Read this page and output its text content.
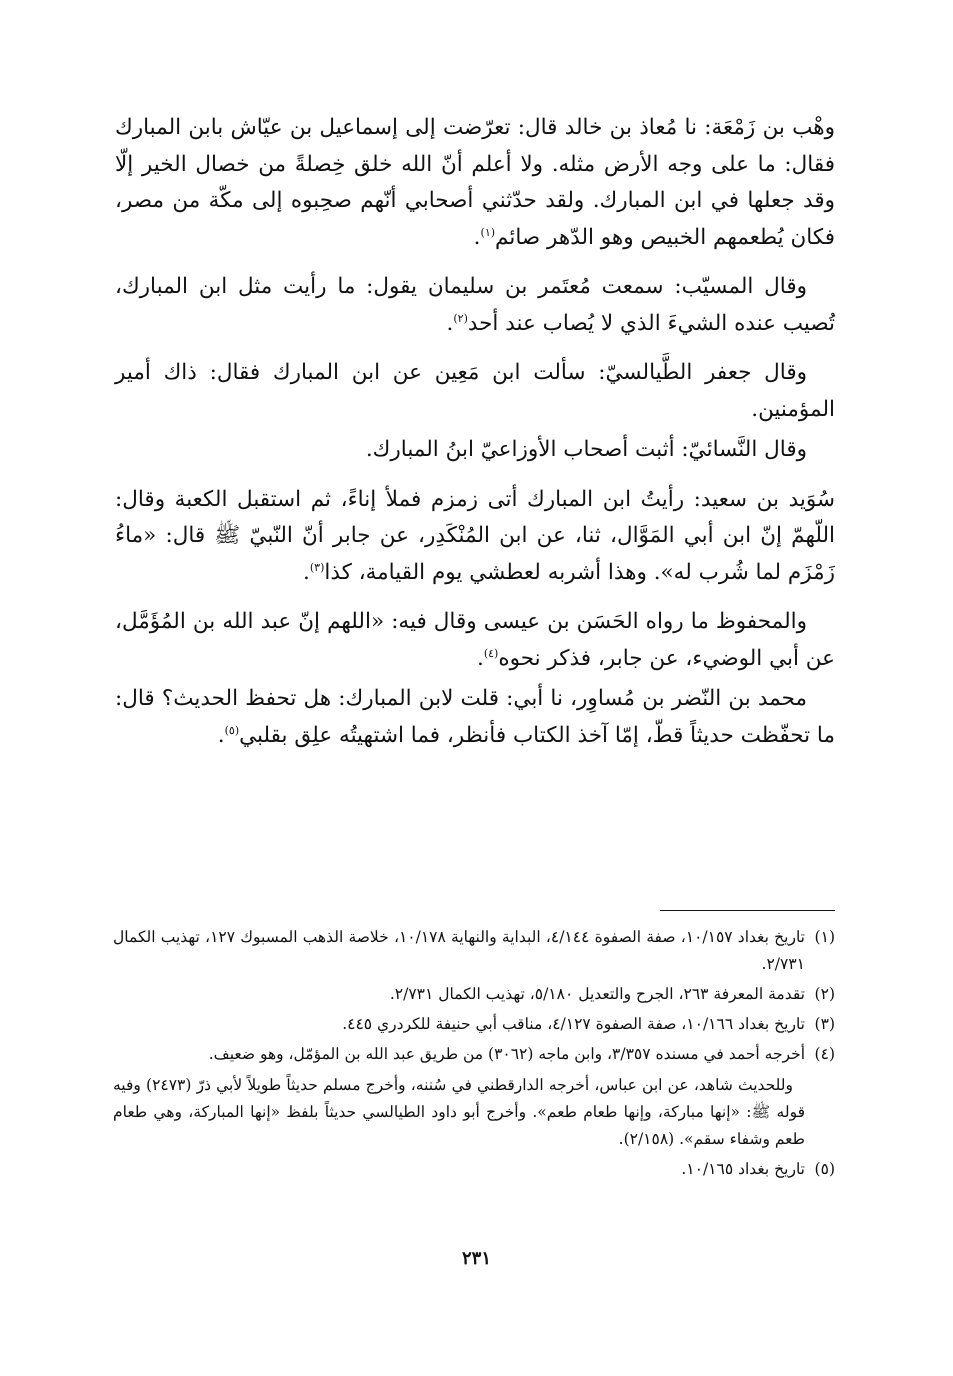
وهْب بن زَمْعَة: نا مُعاذ بن خالد قال: تعرّضت إلى إسماعيل بن عيّاش بابن المبارك فقال: ما على وجه الأرض مثله. ولا أعلم أنّ الله خلق خِصلةً من خصال الخير إلّا وقد جعلها في ابن المبارك. ولقد حدّثني أصحابي أنّهم صحِبوه إلى مكّة من مصر، فكان يُطعمهم الخبيص وهو الدّهر صائم$^{(١)}$.

وقال المسيّب: سمعت مُعتَمر بن سليمان يقول: ما رأيت مثل ابن المبارك، تُصيب عنده الشيءَ الذي لا يُصاب عند أحد$^{(٢)}$.

وقال جعفر الطَّيالسيّ: سألت ابن مَعِين عن ابن المبارك فقال: ذاك أمير المؤمنين.

وقال النَّسائيّ: أثبت أصحاب الأوزاعيّ ابنُ المبارك.

سُوَيد بن سعيد: رأيتُ ابن المبارك أتى زمزم فملأ إناءً، ثم استقبل الكعبة وقال: اللّهمّ إنّ ابن أبي المَوَّال، ثنا، عن ابن المُنْكَدِر، عن جابر أنّ النّبيّ ﷺ قال: «ماءُ زَمْزَم لما شُرب له». وهذا أشربه لعطشي يوم القيامة، كذا$^{(٣)}$.

والمحفوظ ما رواه الحَسَن بن عيسى وقال فيه: «اللهم إنّ عبد الله بن المُؤَمَّل، عن أبي الوضيء، عن جابر، فذكر نحوه$^{(٤)}$.

محمد بن النّضر بن مُساوِر، نا أبي: قلت لابن المبارك: هل تحفظ الحديث؟ قال: ما تحفّظت حديثاً قطّ، إمّا آخذ الكتاب فأنظر، فما اشتهيتُه علِق بقلبي$^{(٥)}$.

(١)
تاريخ بغداد ١٠/١٥٧، صفة الصفوة ٤/١٤٤، البداية والنهاية ١٠/١٧٨، خلاصة الذهب المسبوك ١٢٧، تهذيب الكمال ٢/٧٣١.
(٢)
تقدمة المعرفة ٢٦٣، الجرح والتعديل ٥/١٨٠، تهذيب الكمال ٢/٧٣١.
(٣)
تاريخ بغداد ١٠/١٦٦، صفة الصفوة ٤/١٢٧، مناقب أبي حنيفة للكردري ٤٤٥.
(٤)
أخرجه أحمد في مسنده ٣/٣٥٧، وابن ماجه (٣٠٦٢) من طريق عبد الله بن المؤمّل، وهو ضعيف.
وللحديث شاهد، عن ابن عباس، أخرجه الدارقطني في سُننه، وأخرج مسلم حديثاً طويلاً لأبي ذرّ (٢٤٧٣) وفيه قوله ﷺ: «إنها مباركة، وإنها طعام طعم». وأخرج أبو داود الطيالسي حديثاً بلفظ «إنها المباركة، وهي طعام طعم وشفاء سقم». (٢/١٥٨).
(٥)
تاريخ بغداد ١٠/١٦٥.
٢٣١
